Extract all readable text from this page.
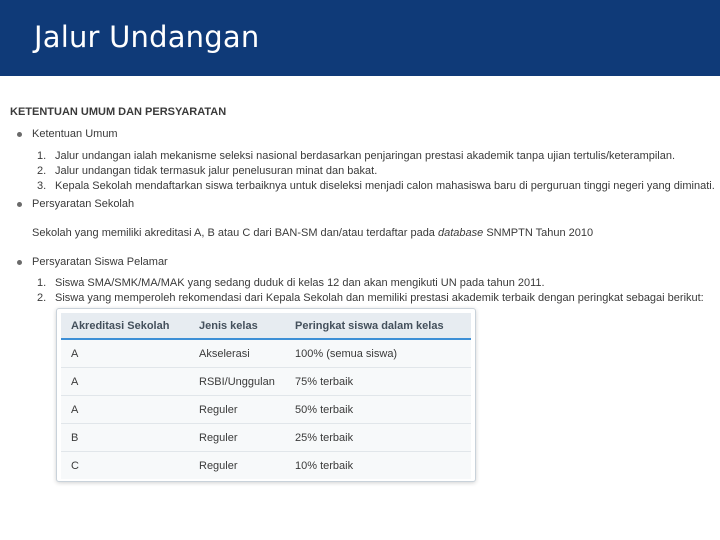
Jalur Undangan
KETENTUAN UMUM DAN PERSYARATAN
Ketentuan Umum
1. Jalur undangan ialah mekanisme seleksi nasional berdasarkan penjaringan prestasi akademik tanpa ujian tertulis/keterampilan.
2. Jalur undangan tidak termasuk jalur penelusuran minat dan bakat.
3. Kepala Sekolah mendaftarkan siswa terbaiknya untuk diseleksi menjadi calon mahasiswa baru di perguruan tinggi negeri yang diminati.
Persyaratan Sekolah
Sekolah yang memiliki akreditasi A, B atau C dari BAN-SM dan/atau terdaftar pada database SNMPTN Tahun 2010
Persyaratan Siswa Pelamar
1. Siswa SMA/SMK/MA/MAK yang sedang duduk di kelas 12 dan akan mengikuti UN pada tahun 2011.
2. Siswa yang memperoleh rekomendasi dari Kepala Sekolah dan memiliki prestasi akademik terbaik dengan peringkat sebagai berikut:
Akreditasi Sekolah	Jenis kelas	Peringkat siswa dalam kelas
A	Akselerasi	100% (semua siswa)
A	RSBI/Unggulan	75% terbaik
A	Reguler	50% terbaik
B	Reguler	25% terbaik
C	Reguler	10% terbaik
